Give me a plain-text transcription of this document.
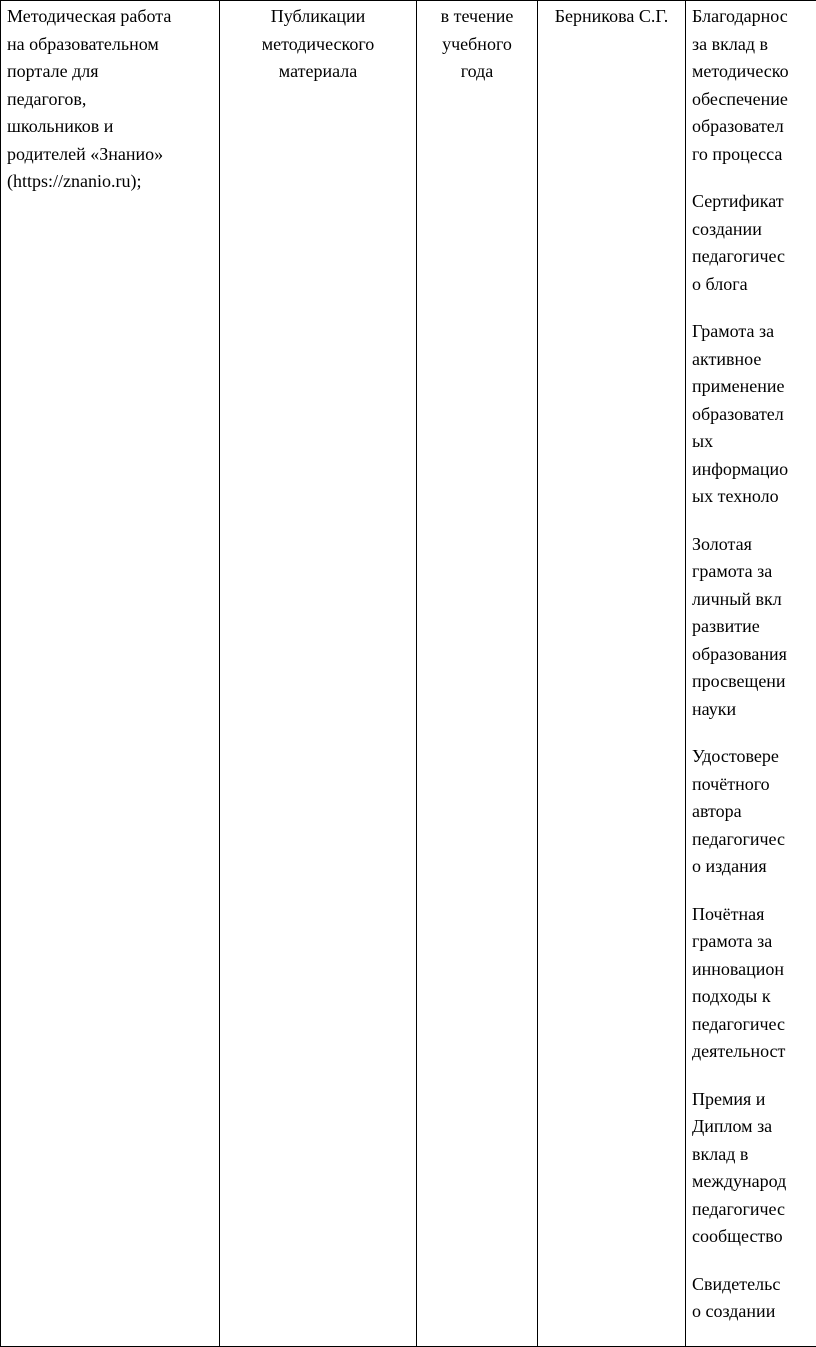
Методическая работа
на образовательном
портале для
педагогов,
школьников и
родителей «Знанио»
(https://znanio.ru);	Публикации
методического
материала	в течение
учебного
года	Берникова С.Г.	Благодарнос
за вклад в
методическо
обеспечение
образовател
го процесса
Сертификат
создании
педагогичес
о блога
Грамота за
активное
применение
образовател
ых
информацио
ых техноло
Золотая
грамота за
личный вкл
развитие
образования
просвещени
науки
Удостовере
почётного
автора
педагогичес
о издания
Почётная
грамота за
инновацион
подходы к
педагогичес
деятельност
Премия и
Диплом за
вклад в
международ
педагогичес
сообщество
Свидетельс
о создании
